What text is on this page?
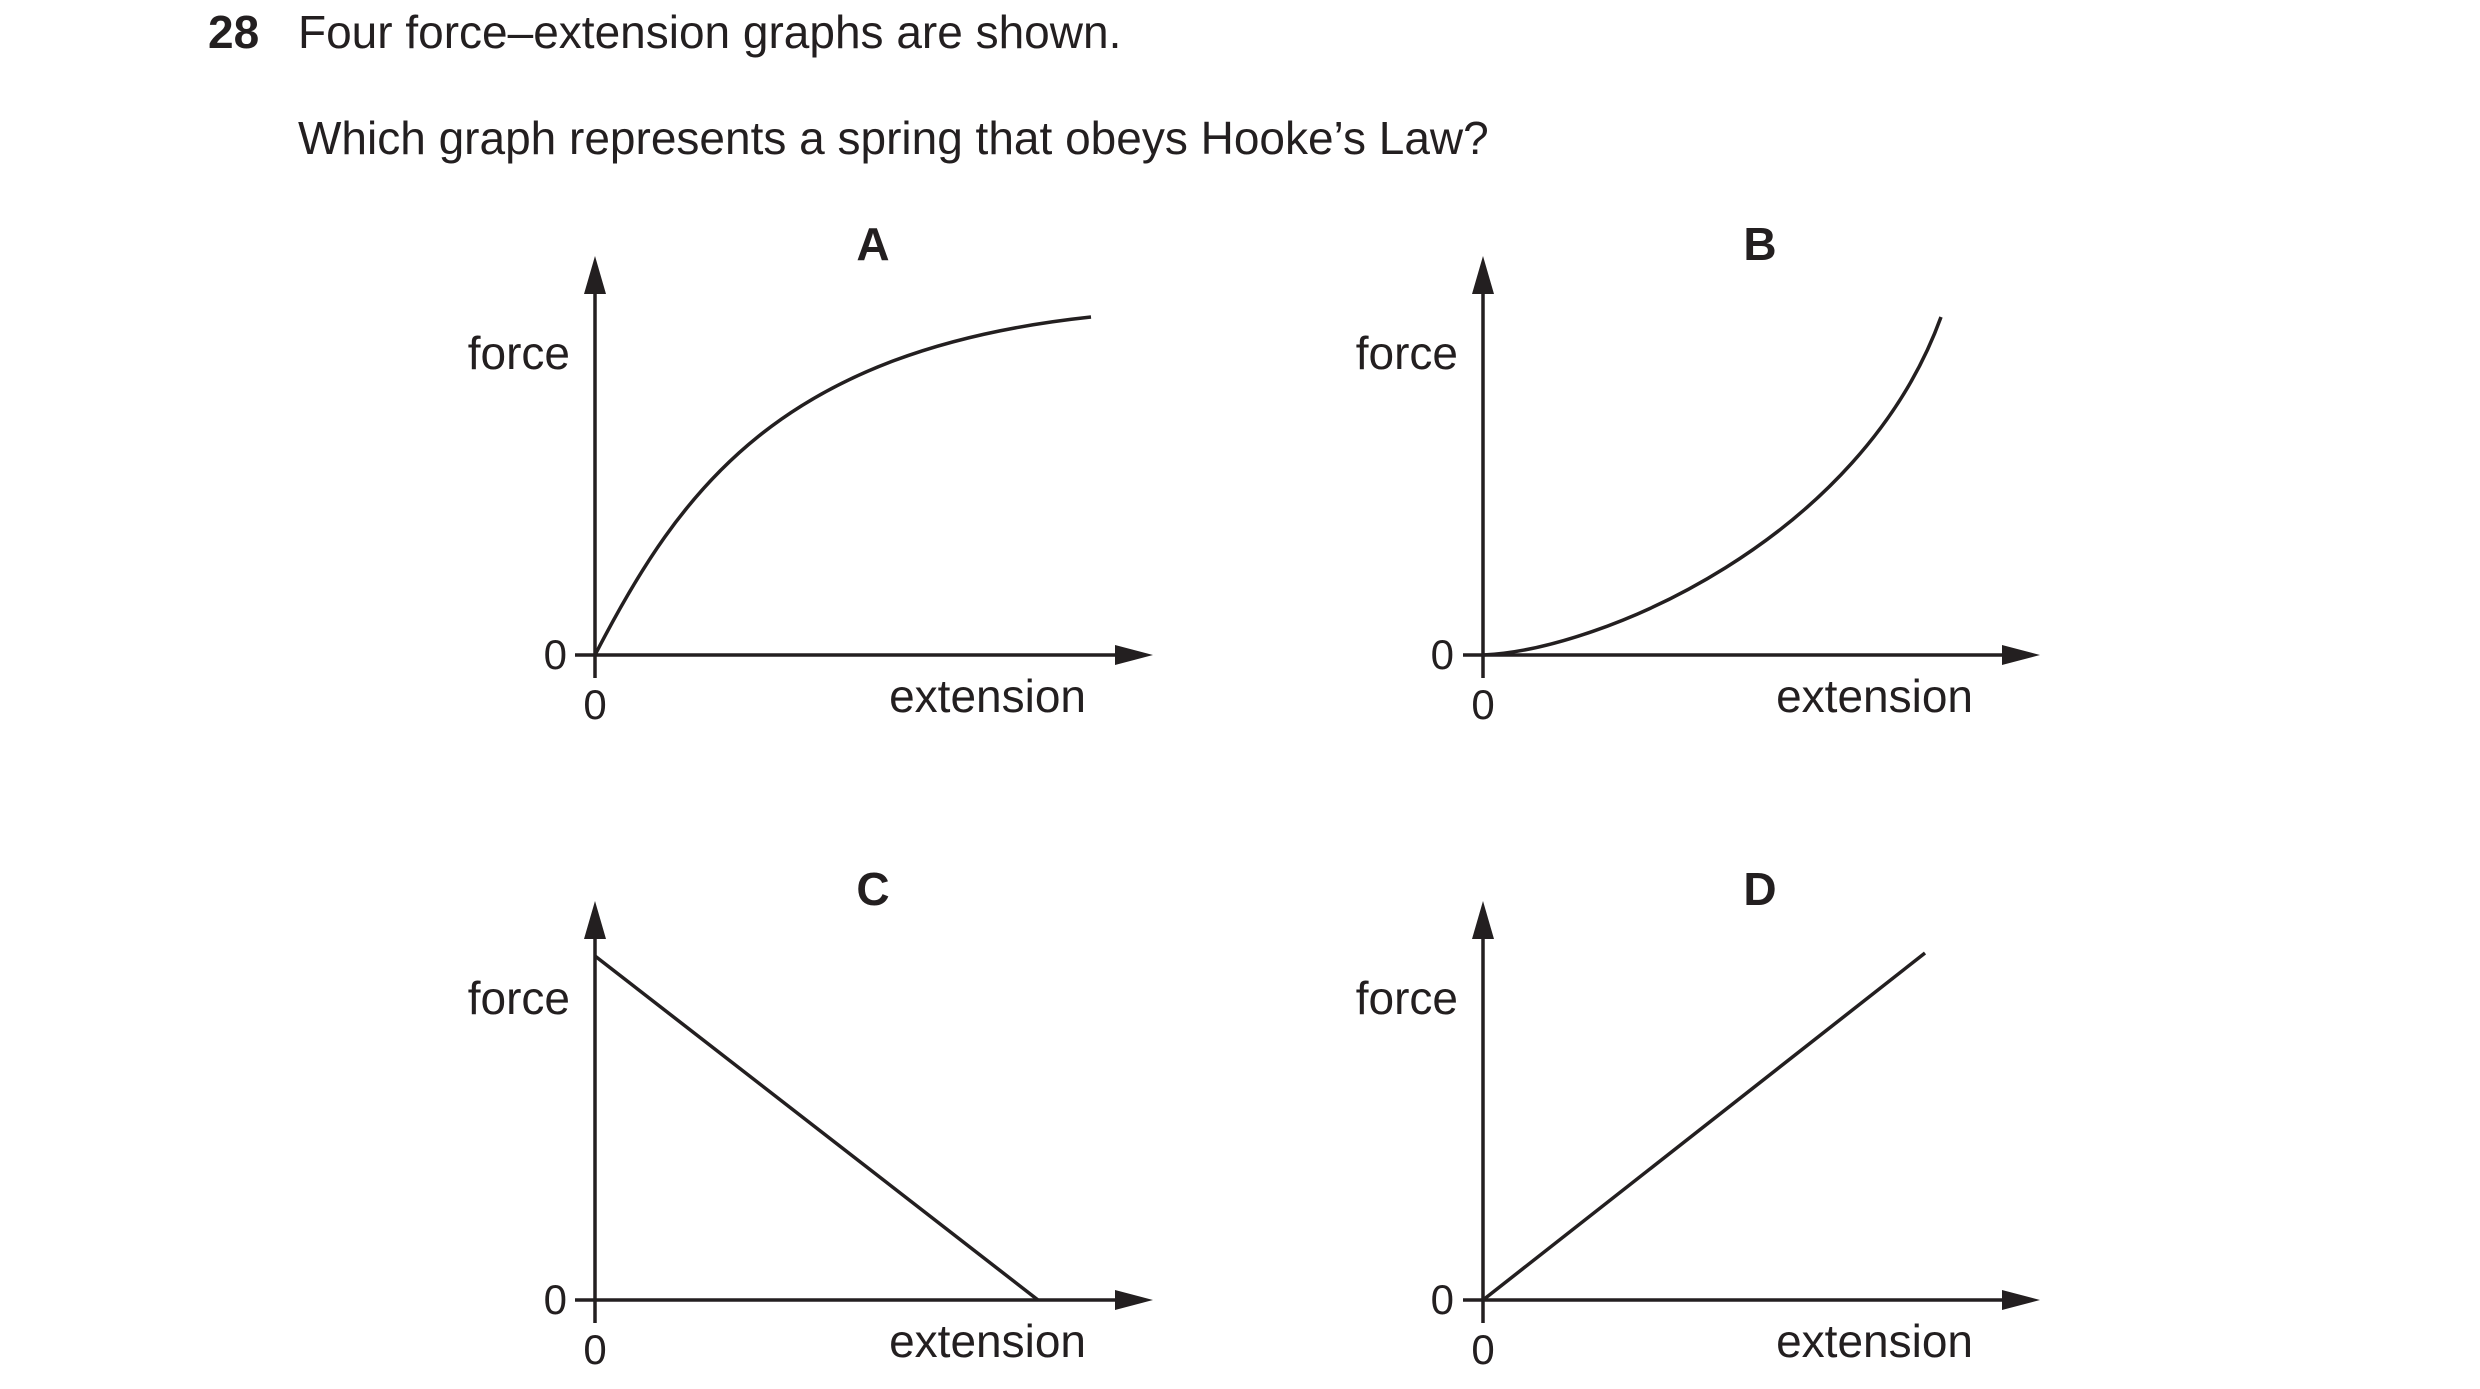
28 Four force–extension graphs are shown.
Which graph represents a spring that obeys Hooke’s Law?
A
force
extension
0
0
B
force
extension
0
0
C
force
extension
0
0
D
force
extension
0
0
